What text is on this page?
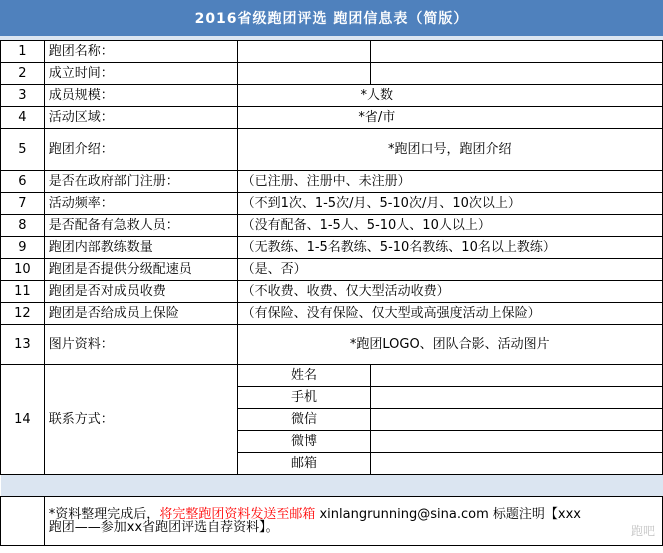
2016省级跑团评选 跑团信息表（简版）
1	跑团名称：		
2	成立时间：		
3	成员规模：	*人数	
4	活动区域：	*省/市	
5	跑团介绍：	*跑团口号，跑团介绍	
6	是否在政府部门注册：	（已注册、注册中、未注册）	
7	活动频率：	（不到1次、1-5次/月、5-10次/月、10次以上）	
8	是否配备有急救人员：	（没有配备、1-5人、5-10人、10人以上）	
9	跑团内部教练数量	（无教练、1-5名教练、5-10名教练、10名以上教练）	
10	跑团是否提供分级配速员	（是、否）	
11	跑团是否对成员收费	（不收费、收费、仅大型活动收费）	
12	跑团是否给成员上保险	（有保险、没有保险、仅大型或高强度活动上保险）	
13	图片资料：	*跑团LOGO、团队合影、活动图片	
14	联系方式：	姓名	
		手机	
		微信	
		微博	
		邮箱	

	*资料整理完成后，将完整跑团资料发送至邮箱 xinlangrunning@sina.com 标题注明【xxx
跑团——参加xx省跑团评选自荐资料】。			跑吧
